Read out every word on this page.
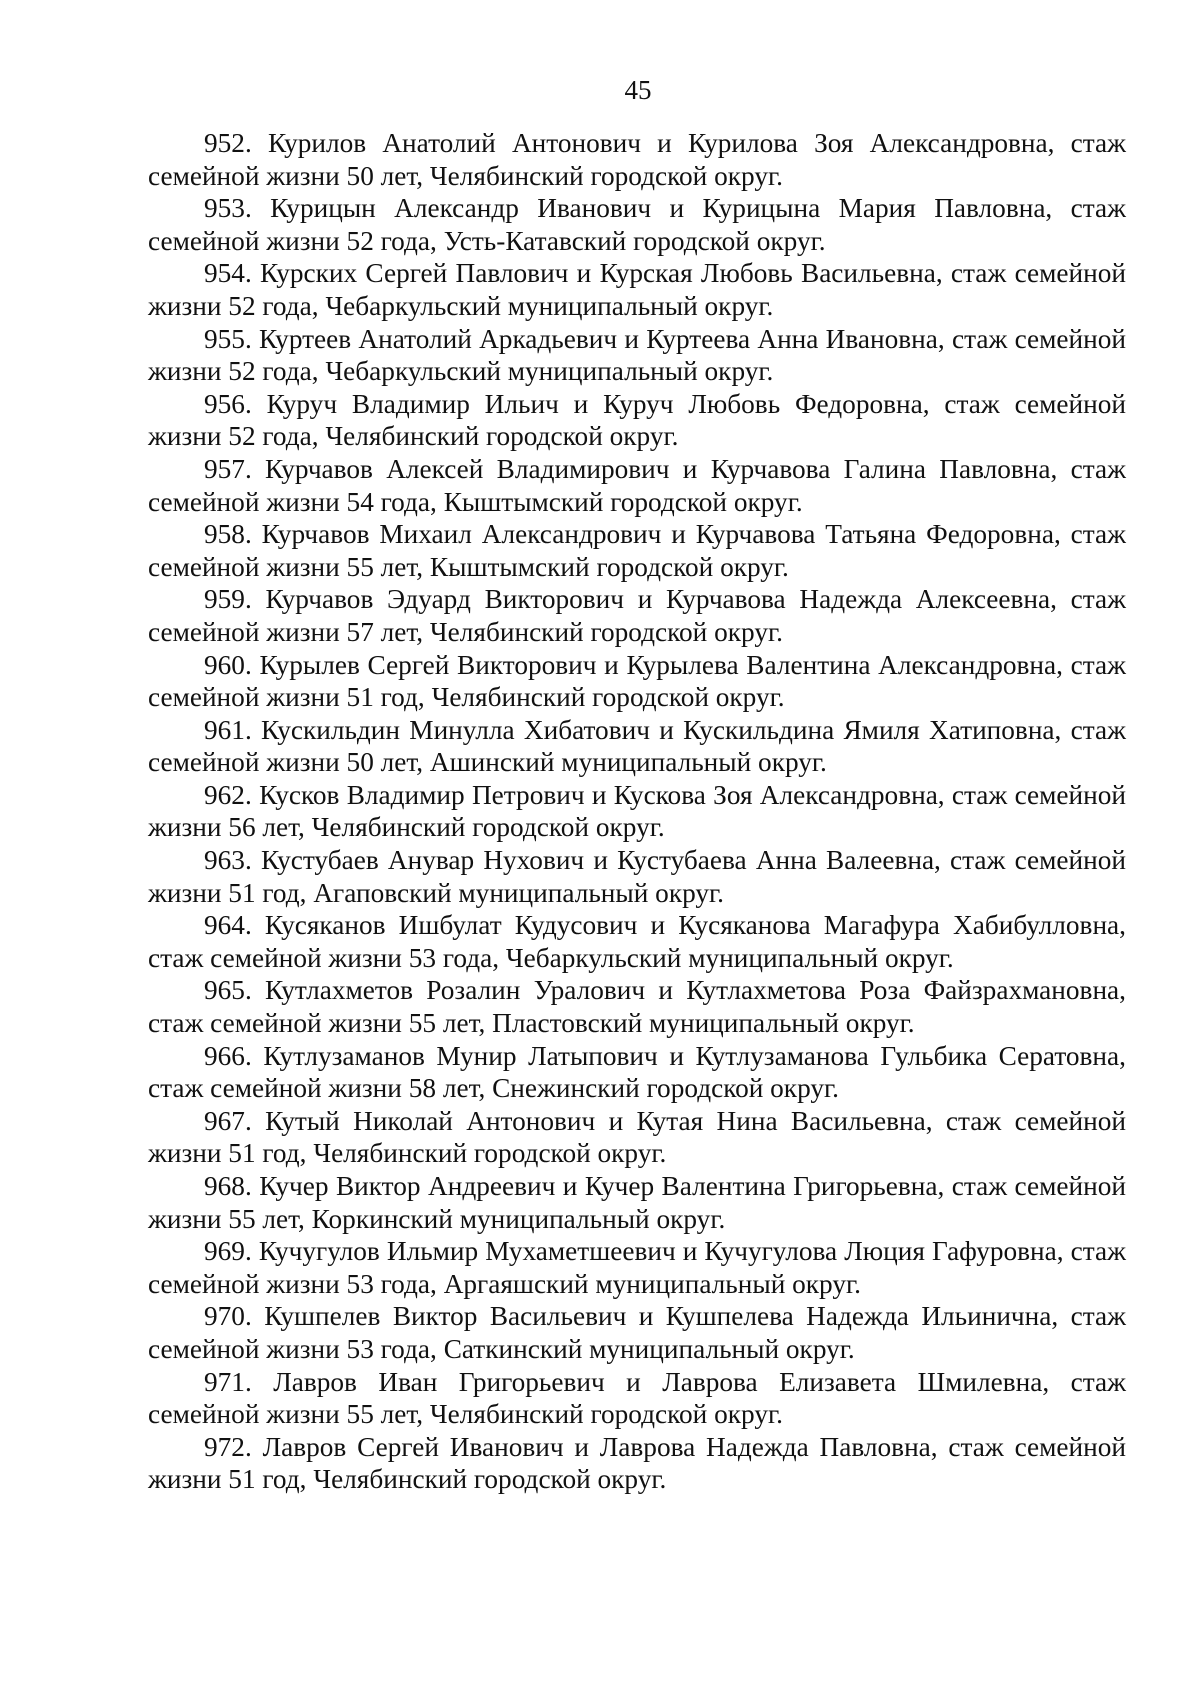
45

952. Курилов Анатолий Антонович и Курилова Зоя Александровна, стаж семейной жизни 50 лет, Челябинский городской округ.

953. Курицын Александр Иванович и Курицына Мария Павловна, стаж семейной жизни 52 года, Усть-Катавский городской округ.

954. Курских Сергей Павлович и Курская Любовь Васильевна, стаж семейной жизни 52 года, Чебаркульский муниципальный округ.

955. Куртеев Анатолий Аркадьевич и Куртеева Анна Ивановна, стаж семейной жизни 52 года, Чебаркульский муниципальный округ.

956. Куруч Владимир Ильич и Куруч Любовь Федоровна, стаж семейной жизни 52 года, Челябинский городской округ.

957. Курчавов Алексей Владимирович и Курчавова Галина Павловна, стаж семейной жизни 54 года, Кыштымский городской округ.

958. Курчавов Михаил Александрович и Курчавова Татьяна Федоровна, стаж семейной жизни 55 лет, Кыштымский городской округ.

959. Курчавов Эдуард Викторович и Курчавова Надежда Алексеевна, стаж семейной жизни 57 лет, Челябинский городской округ.

960. Курылев Сергей Викторович и Курылева Валентина Александровна, стаж семейной жизни 51 год, Челябинский городской округ.

961. Кускильдин Минулла Хибатович и Кускильдина Ямиля Хатиповна, стаж семейной жизни 50 лет, Ашинский муниципальный округ.

962. Кусков Владимир Петрович и Кускова Зоя Александровна, стаж семейной жизни 56 лет, Челябинский городской округ.

963. Кустубаев Анувар Нухович и Кустубаева Анна Валеевна, стаж семейной жизни 51 год, Агаповский муниципальный округ.

964. Кусяканов Ишбулат Кудусович и Кусяканова Магафура Хабибулловна, стаж семейной жизни 53 года, Чебаркульский муниципальный округ.

965. Кутлахметов Розалин Уралович и Кутлахметова Роза Файзрахмановна, стаж семейной жизни 55 лет, Пластовский муниципальный округ.

966. Кутлузаманов Мунир Латыпович и Кутлузаманова Гульбика Сератовна, стаж семейной жизни 58 лет, Снежинский городской округ.

967. Кутый Николай Антонович и Кутая Нина Васильевна, стаж семейной жизни 51 год, Челябинский городской округ.

968. Кучер Виктор Андреевич и Кучер Валентина Григорьевна, стаж семейной жизни 55 лет, Коркинский муниципальный округ.

969. Кучугулов Ильмир Мухаметшеевич и Кучугулова Люция Гафуровна, стаж семейной жизни 53 года, Аргаяшский муниципальный округ.

970. Кушпелев Виктор Васильевич и Кушпелева Надежда Ильинична, стаж семейной жизни 53 года, Саткинский муниципальный округ.

971. Лавров Иван Григорьевич и Лаврова Елизавета Шмилевна, стаж семейной жизни 55 лет, Челябинский городской округ.

972. Лавров Сергей Иванович и Лаврова Надежда Павловна, стаж семейной жизни 51 год, Челябинский городской округ.
